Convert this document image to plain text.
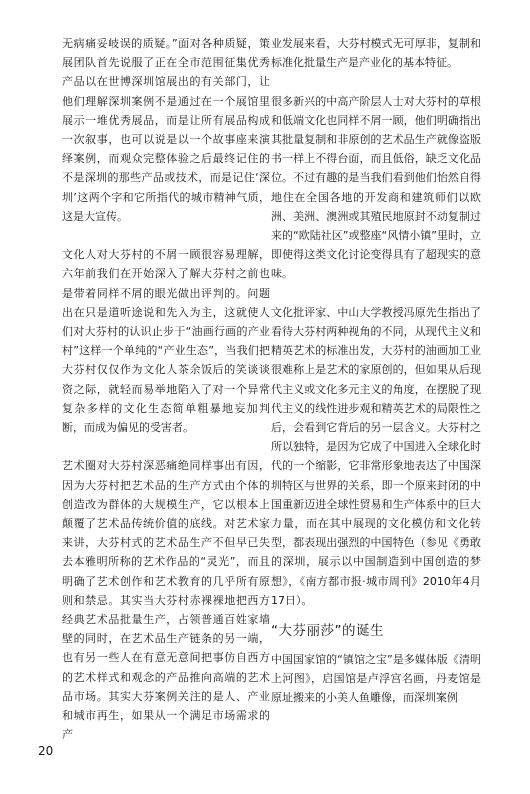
无病痛妥岐误的质疑。”面对各种质疑，策展团队首先说服了正在全市范围征集优秀产品以在世博深圳馆展出的有关部门，让他们理解深圳案例不是通过在一个展馆里展示一堆优秀展品，而是让所有展品构成一次叙事，也可以说是以一个故事座来演绎案例，而观众完整体验之后最终记住的不是深圳的那些产品或技术，而是记住‘深圳’这两个字和它所指代的城市精神气质，这是大宣传。

文化人对大芬村的不屑一顾很容易理解，六年前我们在开始深入了解大芬村之前也是带着同样不屑的眼光做出评判的。问题出在只是道听途说和先入为主，这就使人们对大芬村的认识止步于“油画行画的产业村”这样一个单纯的“产业生态”，当我们把大芬村仅仅作为文化人茶余饭后的笑谈谈资之际，就轻而易举地陷入了对一个异常复杂多样的文化生态简单粗暴地妄加判断，而成为偏见的受害者。

艺术圈对大芬村深恶痛绝同样事出有因，因为大芬村把艺术品的生产方式由个体的创造改为群体的大规模生产，它以根本上颠覆了艺术品传统价值的底线。对艺术家来讲，大芬村式的艺术品生产不但早已失去本雅明所称的艺术作品的“灵光”，而且明确了艺术创作和艺术教育的几乎所有原则和禁忌。其实当大芬村赤裸裸地把西方经典艺术品批量生产，占领普通百姓家墙壁的同时，在艺术品生产链条的另一端，也有另一些人在有意无意间把事仿自西方的艺术样式和观念的产品推向高端的艺术品市场。其实大芬案例关注的是人、产业和城市再生，如果从一个满足市场需求的产

业发展来看，大芬村模式无可厚非，复制和标准化批量生产是产业化的基本特征。

很多新兴的中高产阶层人士对大芬村的草根和低端文化也同样不屑一顾，他们明确指出其批量复制和非原创的艺术品生产就像盗版书一样上不得台面，而且低俗，缺乏文化品位。不过有趣的是当我们看到他们怡然自得地住在全国各地的开发商和建筑师们以欧洲、美洲、澳洲或其殖民地原封不动复制过来的“欧陆社区”或整座“风情小镇”里时，立即使得这类文化讨论变得具有了超现实的意味。

文化批评家、中山大学教授冯原先生指出了看待大芬村两种视角的不同，从现代主义和精英艺术的标准出发，大芬村的油画加工业很难称上是艺术的家原创的，但如果从后现代主义或文化多元主义的角度，在摆脱了现代主义的线性进步观和精英艺术的局限性之后，会看到它背后的另一层含义。大芬村之所以独特，是因为它成了中国进入全球化时代的一个缩影，它非常形象地表达了中国深圳特区与世界的关系，即一个原来封闭的中国重新迈进全球性贸易和生产体系中的巨大力量，而在其中展现的文化模仿和文化转型，都表现出强烈的中国特色（参见《勇敢的深圳，展示以中国制造到中国创造的梦想》，《南方都市报·城市周刊》2010年4月17日）。

“大芬丽莎”的诞生

中国国家馆的“镇馆之宝”是多媒体版《清明上河图》，启国馆是卢浮宫名画，丹麦馆是原址搬来的小美人鱼雕像，而深圳案例

20
